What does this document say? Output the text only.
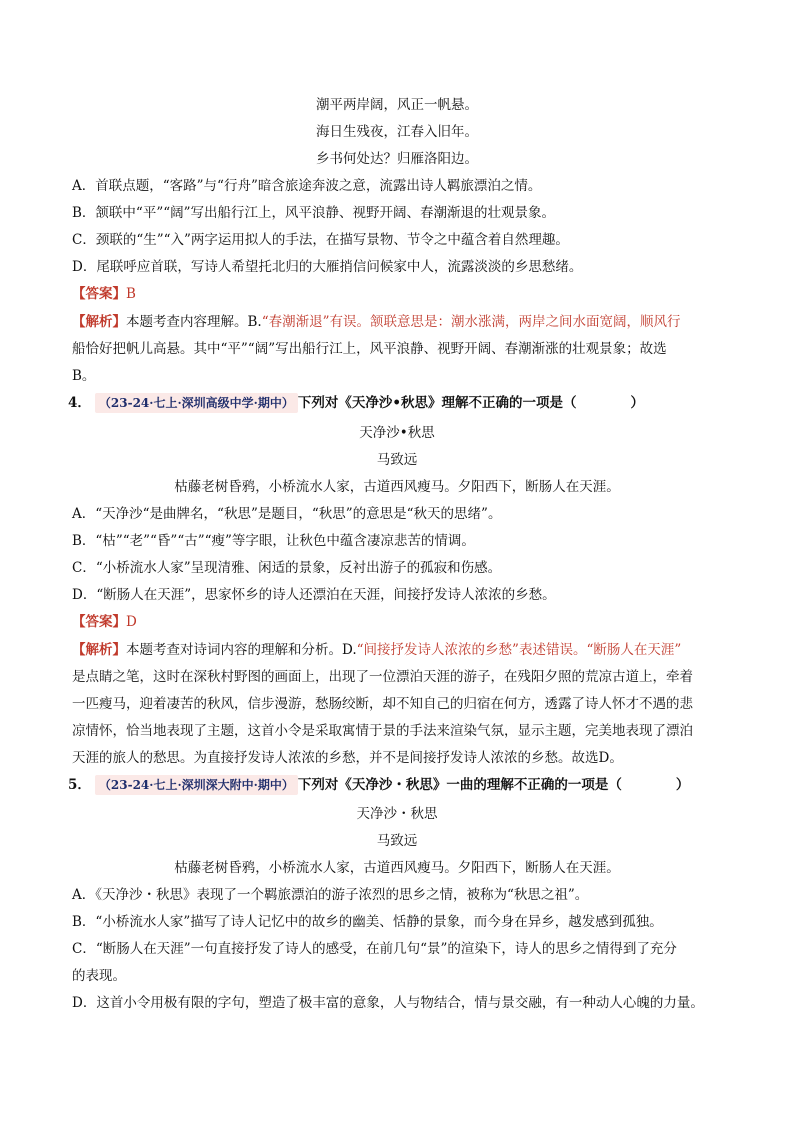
潮平两岸阔，风正一帆悬。
海日生残夜，江春入旧年。
乡书何处达？归雁洛阳边。
A．首联点题，“客路”与“行舟”暗含旅途奔波之意，流露出诗人羁旅漂泊之情。
B．颔联中“平”“阔”写出船行江上，风平浪静、视野开阔、春潮渐退的壮观景象。
C．颈联的“生”“入”两字运用拟人的手法，在描写景物、节令之中蕴含着自然理趣。
D．尾联呼应首联，写诗人希望托北归的大雁捎信问候家中人，流露淡淡的乡思愁绪。
【答案】B
【解析】本题考查内容理解。B.“春潮渐退”有误。颔联意思是：潮水涨满，两岸之间水面宽阔，顺风行
船恰好把帆儿高悬。其中“平”“阔”写出船行江上，风平浪静、视野开阔、春潮渐涨的壮观景象；故选
B。
4． （23-24·七上·深圳高级中学·期中） 下列对《天净沙•秋思》理解不正确的一项是（　　　　）
天净沙•秋思
马致远
枯藤老树昏鸦，小桥流水人家，古道西风瘦马。夕阳西下，断肠人在天涯。
A．“天净沙“是曲牌名，“秋思”是题目，“秋思”的意思是“秋天的思绪”。
B．“枯”“老”“昏”“古”“瘦”等字眼，让秋色中蕴含凄凉悲苦的情调。
C．“小桥流水人家”呈现清雅、闲适的景象，反衬出游子的孤寂和伤感。
D．“断肠人在天涯”，思家怀乡的诗人还漂泊在天涯，间接抒发诗人浓浓的乡愁。
【答案】D
【解析】本题考查对诗词内容的理解和分析。D.“间接抒发诗人浓浓的乡愁”表述错误。“断肠人在天涯”
是点睛之笔，这时在深秋村野图的画面上，出现了一位漂泊天涯的游子，在残阳夕照的荒凉古道上，牵着
一匹瘦马，迎着凄苦的秋风，信步漫游，愁肠绞断，却不知自己的归宿在何方，透露了诗人怀才不遇的悲
凉情怀，恰当地表现了主题，这首小令是采取寓情于景的手法来渲染气氛，显示主题，完美地表现了漂泊
天涯的旅人的愁思。为直接抒发诗人浓浓的乡愁，并不是间接抒发诗人浓浓的乡愁。故选D。
5． （23-24·七上·深圳深大附中·期中） 下列对《天净沙・秋思》一曲的理解不正确的一项是（　　　　）
天净沙・秋思
马致远
枯藤老树昏鸦，小桥流水人家，古道西风瘦马。夕阳西下，断肠人在天涯。
A．《天净沙・秋思》表现了一个羁旅漂泊的游子浓烈的思乡之情，被称为“秋思之祖”。
B．“小桥流水人家”描写了诗人记忆中的故乡的幽美、恬静的景象，而今身在异乡，越发感到孤独。
C．“断肠人在天涯”一句直接抒发了诗人的感受，在前几句“景”的渲染下，诗人的思乡之情得到了充分
的表现。
D．这首小令用极有限的字句，塑造了极丰富的意象，人与物结合，情与景交融，有一种动人心魄的力量。
